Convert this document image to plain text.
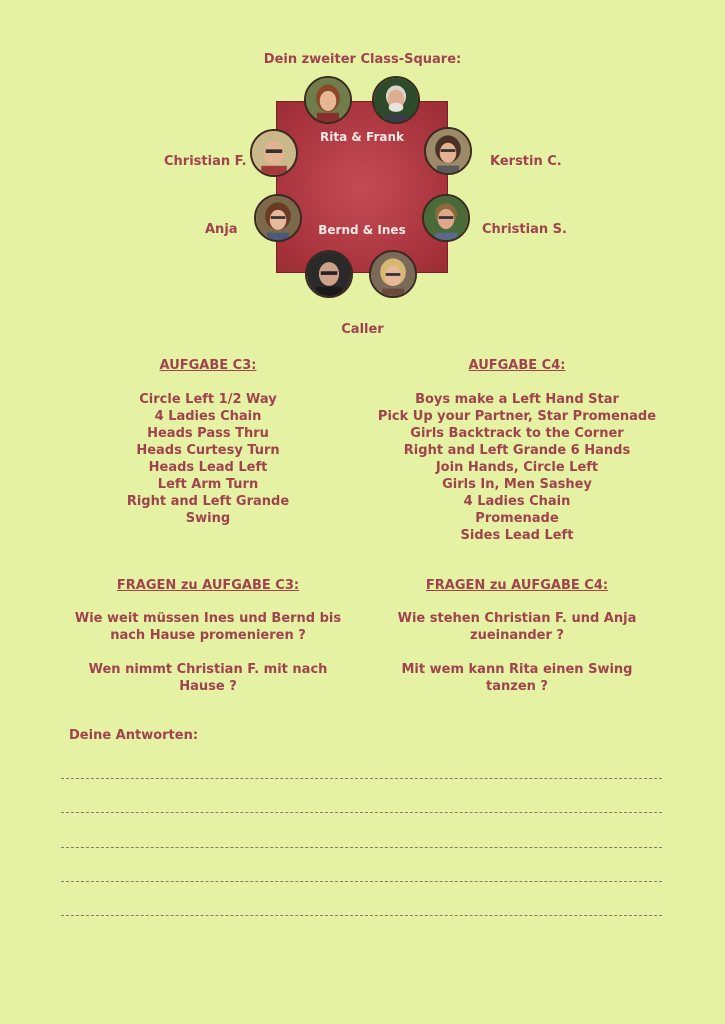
Dein zweiter Class-Square:
Rita & Frank
Bernd & Ines
Christian F.
Anja
Kerstin C.
Christian S.
Caller
AUFGABE C3:
Circle Left 1/2 Way
4 Ladies Chain
Heads Pass Thru
Heads Curtesy Turn
Heads Lead Left
Left Arm Turn
Right and Left Grande
Swing
AUFGABE C4:
Boys make a Left Hand Star
Pick Up your Partner, Star Promenade
Girls Backtrack to the Corner
Right and Left Grande 6 Hands
Join Hands, Circle Left
Girls In, Men Sashey
4 Ladies Chain
Promenade
Sides Lead Left
FRAGEN zu AUFGABE C3:
Wie weit müssen Ines und Bernd bis
nach Hause promenieren ?
Wen nimmt Christian F. mit nach
Hause ?
FRAGEN zu AUFGABE C4:
Wie stehen Christian F. und Anja
zueinander ?
Mit wem kann Rita einen Swing
tanzen ?
Deine Antworten:
